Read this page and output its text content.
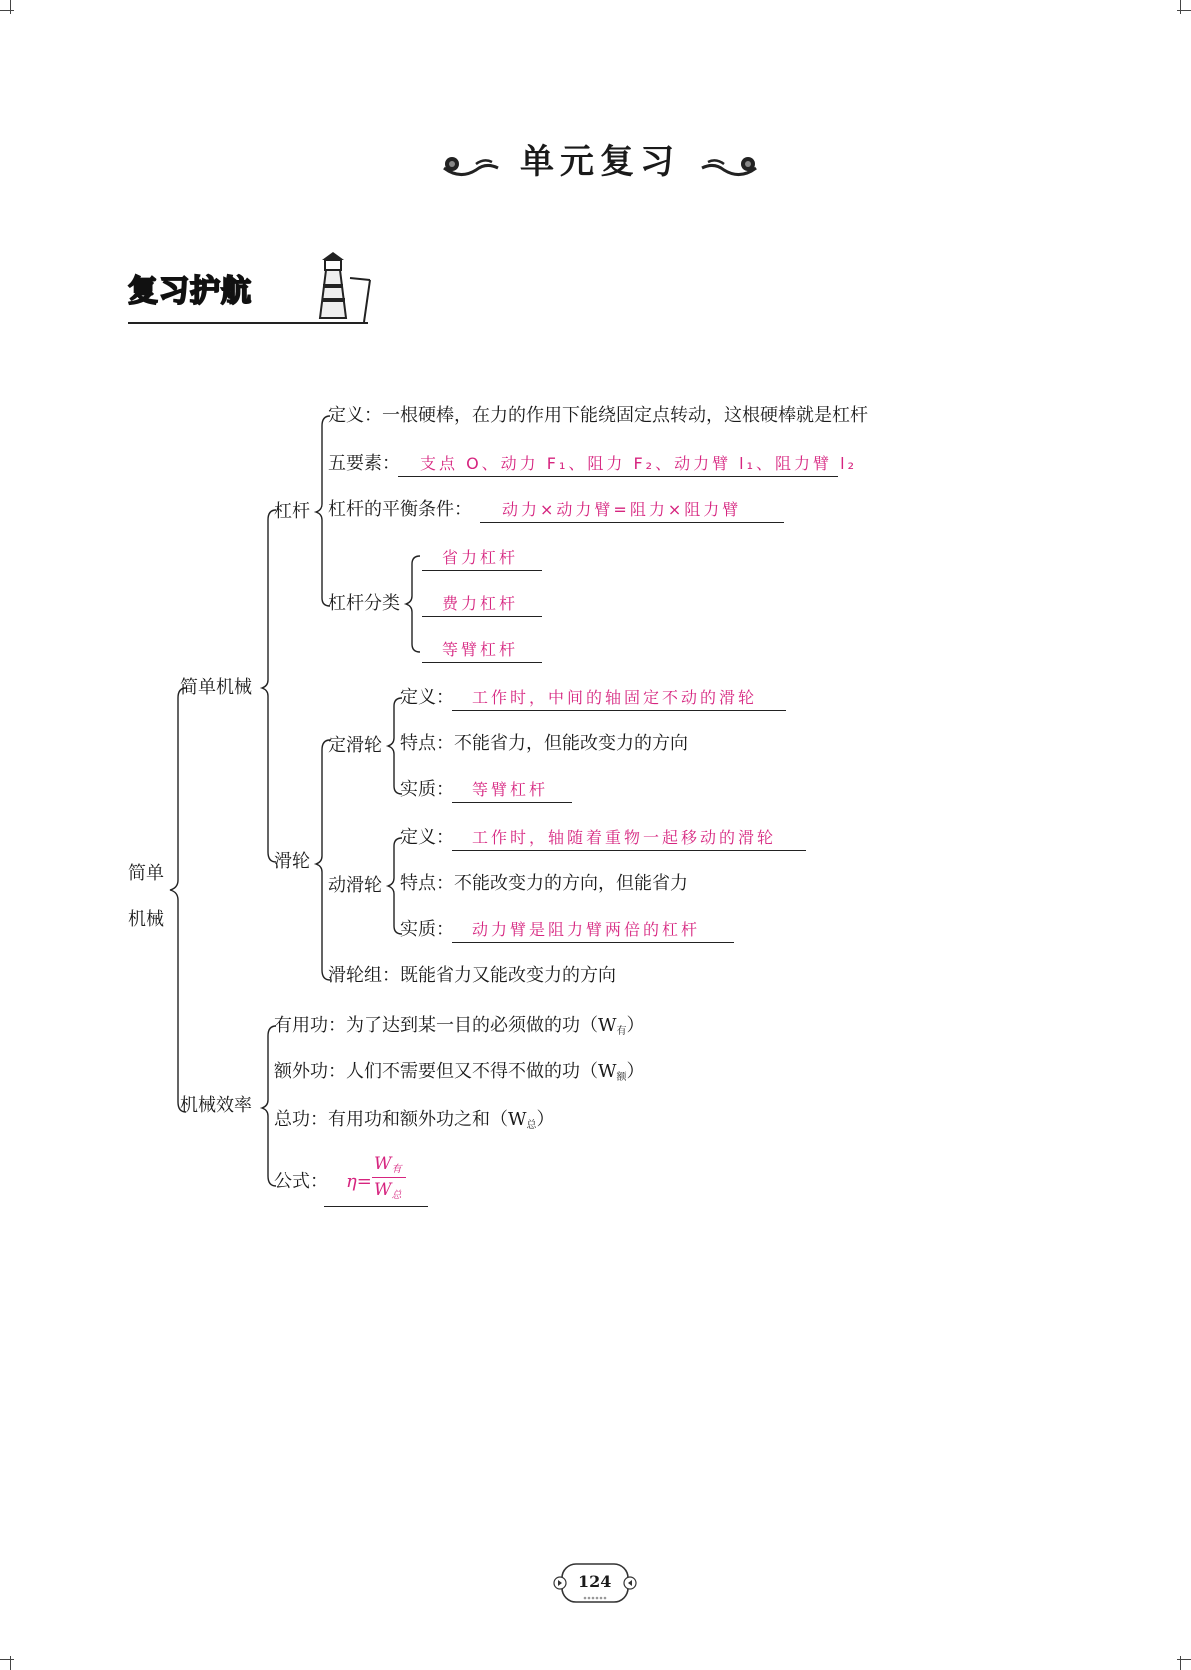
单元复习
复习护航
简单
机械
简单机械
杠杆
定义：一根硬棒，在力的作用下能绕固定点转动，这根硬棒就是杠杆
五要素： 支点 O、动力 F₁、阻力 F₂、动力臂 l₁、阻力臂 l₂
杠杆的平衡条件： 动力×动力臂=阻力×阻力臂
杠杆分类
省力杠杆
费力杠杆
等臂杠杆
滑轮
定滑轮
定义： 工作时，中间的轴固定不动的滑轮
特点：不能省力，但能改变力的方向
实质： 等臂杠杆
动滑轮
定义： 工作时，轴随着重物一起移动的滑轮
特点：不能改变力的方向，但能省力
实质： 动力臂是阻力臂两倍的杠杆
滑轮组：既能省力又能改变力的方向
机械效率
有用功：为了达到某一目的必须做的功$(W_有)$
额外功：人们不需要但又不得不做的功$(W_额)$
总功：有用功和额外功之和$(W_总)$
公式： η=
$W_有$
$W_总$
124
